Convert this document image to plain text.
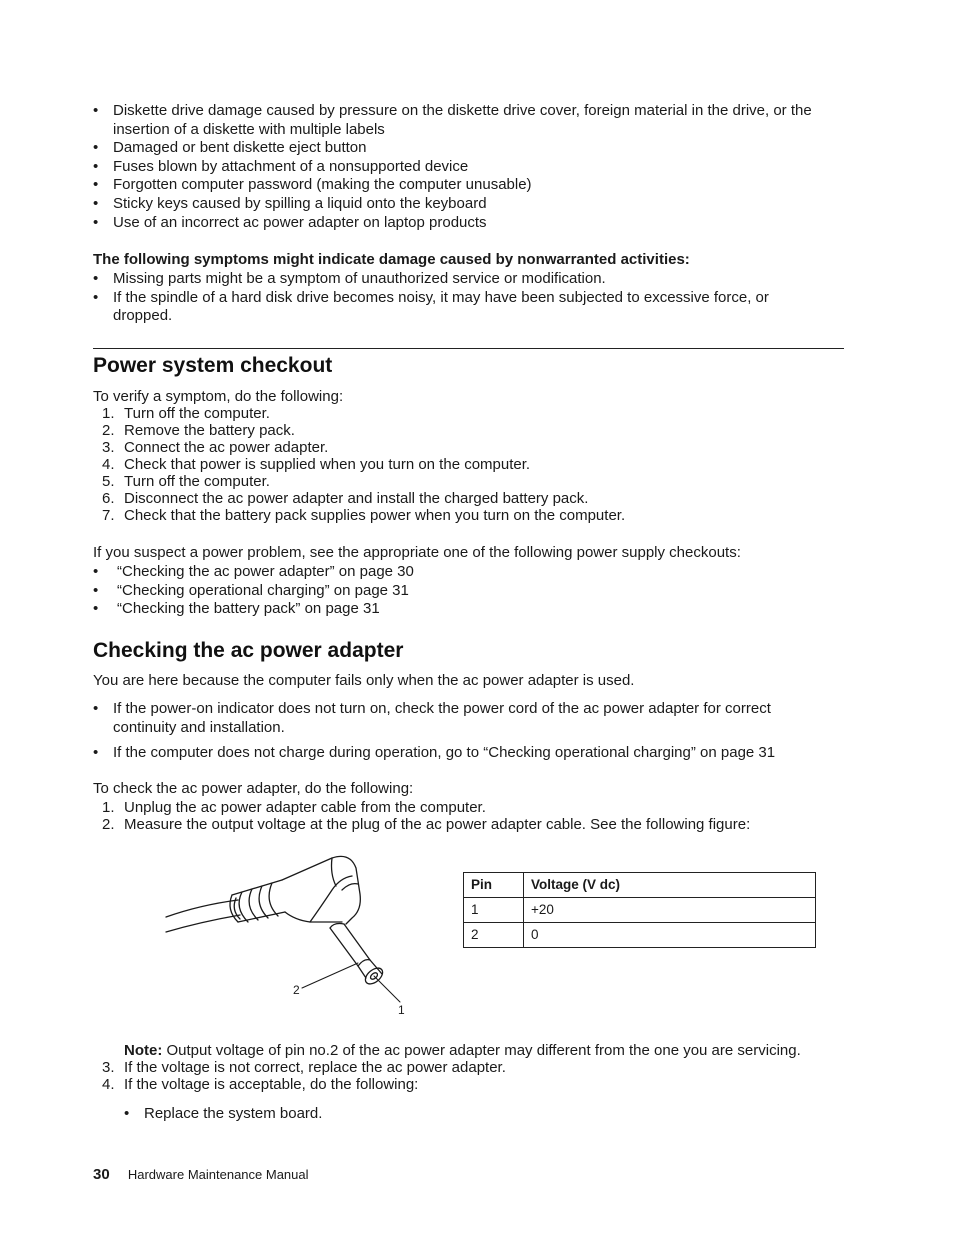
• Diskette drive damage caused by pressure on the diskette drive cover, foreign material in the drive, or the insertion of a diskette with multiple labels
• Damaged or bent diskette eject button
• Fuses blown by attachment of a nonsupported device
• Forgotten computer password (making the computer unusable)
• Sticky keys caused by spilling a liquid onto the keyboard
• Use of an incorrect ac power adapter on laptop products
The following symptoms might indicate damage caused by nonwarranted activities:
• Missing parts might be a symptom of unauthorized service or modification.
• If the spindle of a hard disk drive becomes noisy, it may have been subjected to excessive force, or dropped.
Power system checkout
To verify a symptom, do the following:
1. Turn off the computer.
2. Remove the battery pack.
3. Connect the ac power adapter.
4. Check that power is supplied when you turn on the computer.
5. Turn off the computer.
6. Disconnect the ac power adapter and install the charged battery pack.
7. Check that the battery pack supplies power when you turn on the computer.
If you suspect a power problem, see the appropriate one of the following power supply checkouts:
• “Checking the ac power adapter” on page 30
• “Checking operational charging” on page 31
• “Checking the battery pack” on page 31
Checking the ac power adapter
You are here because the computer fails only when the ac power adapter is used.
• If the power-on indicator does not turn on, check the power cord of the ac power adapter for correct continuity and installation.
• If the computer does not charge during operation, go to “Checking operational charging” on page 31
To check the ac power adapter, do the following:
1. Unplug the ac power adapter cable from the computer.
2. Measure the output voltage at the plug of the ac power adapter cable. See the following figure:
2
1
Pin	Voltage (V dc)
1	+20
2	0
Note: Output voltage of pin no.2 of the ac power adapter may different from the one you are servicing.
3. If the voltage is not correct, replace the ac power adapter.
4. If the voltage is acceptable, do the following:
• Replace the system board.
30 Hardware Maintenance Manual
